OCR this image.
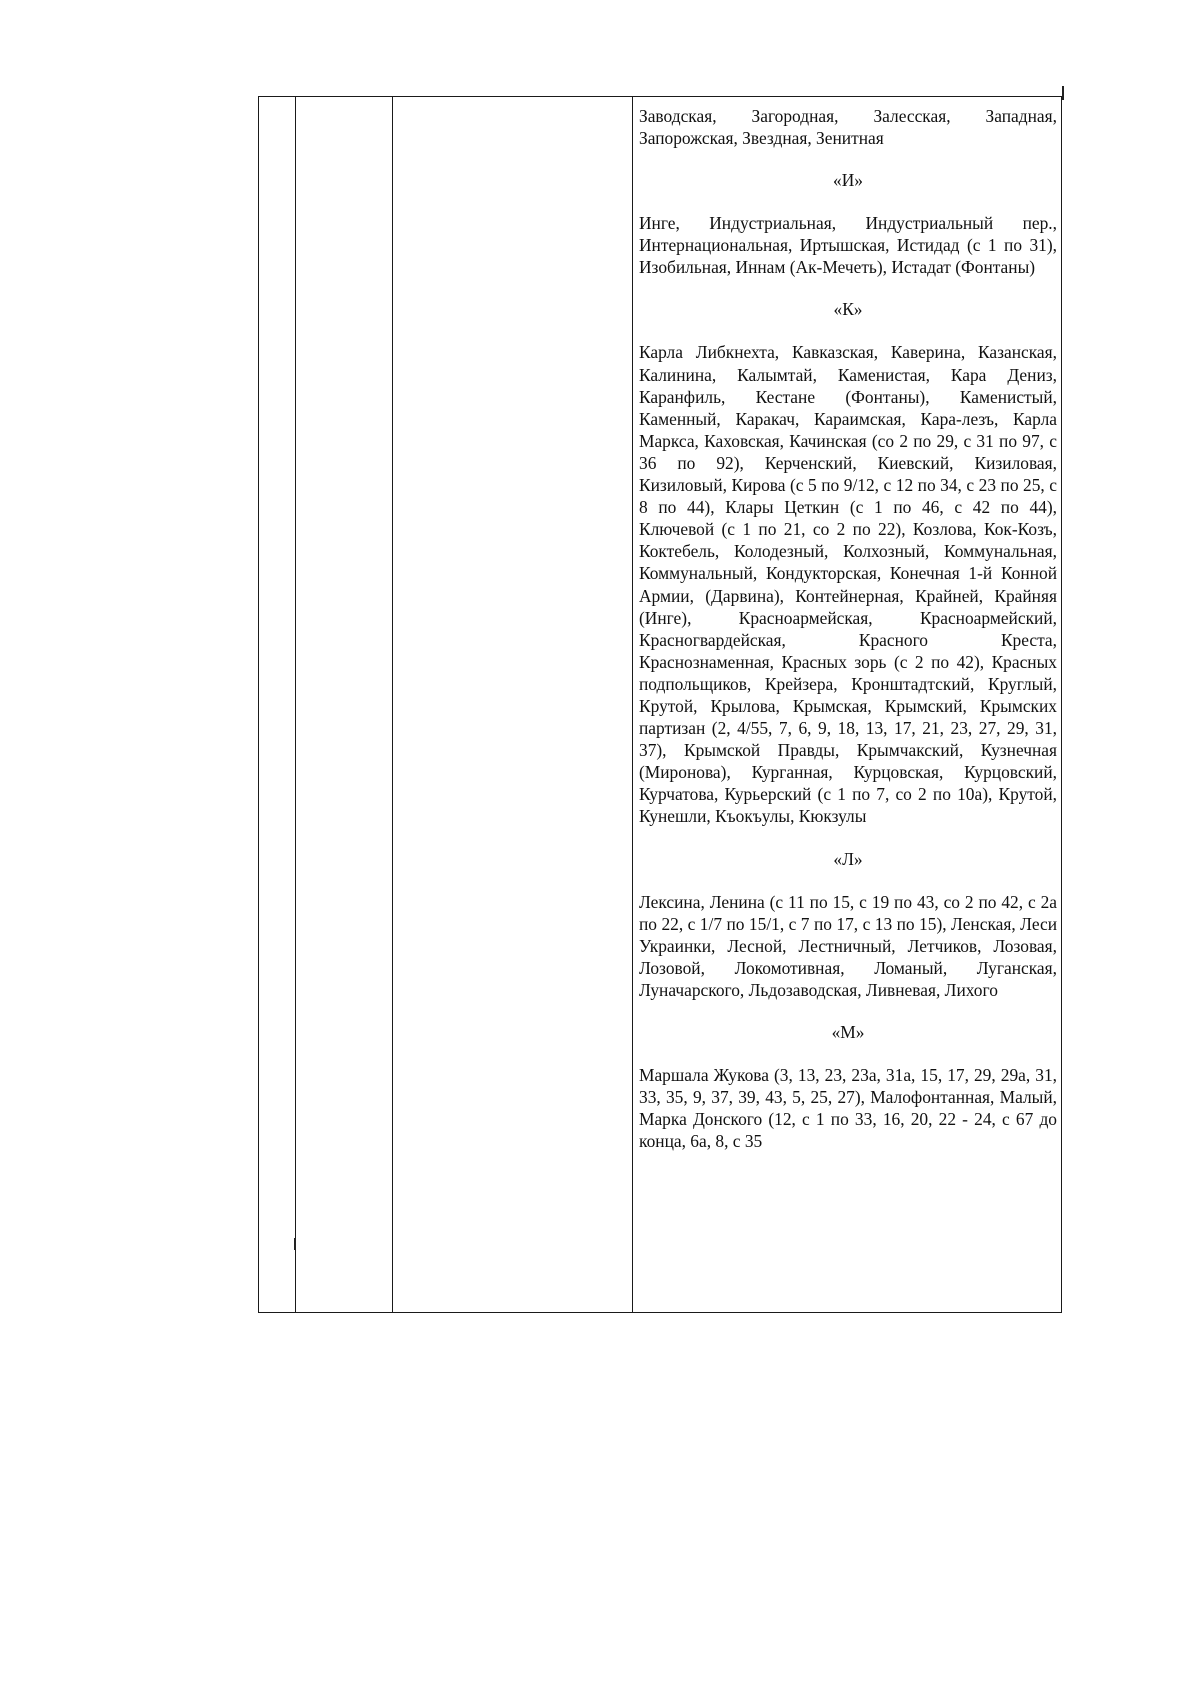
Заводская, Загородная, Залесская, Западная, Запорожская, Звездная, Зенитная

«И»

Инге, Индустриальная, Индустриальный пер., Интернациональная, Иртышская, Истидад (с 1 по 31), Изобильная, Иннам (Ак-Мечеть), Истадат (Фонтаны)

«К»

Карла Либкнехта, Кавказская, Каверина, Казанская, Калинина, Калымтай, Каменистая, Кара Дениз, Каранфиль, Кестане (Фонтаны), Каменистый, Каменный, Каракач, Караимская, Кара-лезъ, Карла Маркса, Каховская, Качинская (со 2 по 29, с 31 по 97, с 36 по 92), Керченский, Киевский, Кизиловая, Кизиловый, Кирова (с 5 по 9/12, с 12 по 34, с 23 по 25, с 8 по 44), Клары Цеткин (с 1 по 46, с 42 по 44), Ключевой (с 1 по 21, со 2 по 22), Козлова, Кок-Козъ, Коктебель, Колодезный, Колхозный, Коммунальная, Коммунальный, Кондукторская, Конечная 1-й Конной Армии, (Дарвина), Контейнерная, Крайней, Крайняя (Инге), Красноармейская, Красноармейский, Красногвардейская, Красного Креста, Краснознаменная, Красных зорь (с 2 по 42), Красных подпольщиков, Крейзера, Кронштадтский, Круглый, Крутой, Крылова, Крымская, Крымский, Крымских партизан (2, 4/55, 7, 6, 9, 18, 13, 17, 21, 23, 27, 29, 31, 37), Крымской Правды, Крымчакский, Кузнечная (Миронова), Курганная, Курцовская, Курцовский, Курчатова, Курьерский (с 1 по 7, со 2 по 10а), Крутой, Кунешли, Къокъулы, Кюкзулы

«Л»

Лексина, Ленина (с 11 по 15, с 19 по 43, со 2 по 42, с 2а по 22, с 1/7 по 15/1, с 7 по 17, с 13 по 15), Ленская, Леси Украинки, Лесной, Лестничный, Летчиков, Лозовая, Лозовой, Локомотивная, Ломаный, Луганская, Луначарского, Льдозаводская, Ливневая, Лихого

«М»

Маршала Жукова (3, 13, 23, 23а, 31а, 15, 17, 29, 29а, 31, 33, 35, 9, 37, 39, 43, 5, 25, 27), Малофонтанная, Малый, Марка Донского (12, с 1 по 33, 16, 20, 22 - 24, с 67 до конца, 6а, 8, с 35
